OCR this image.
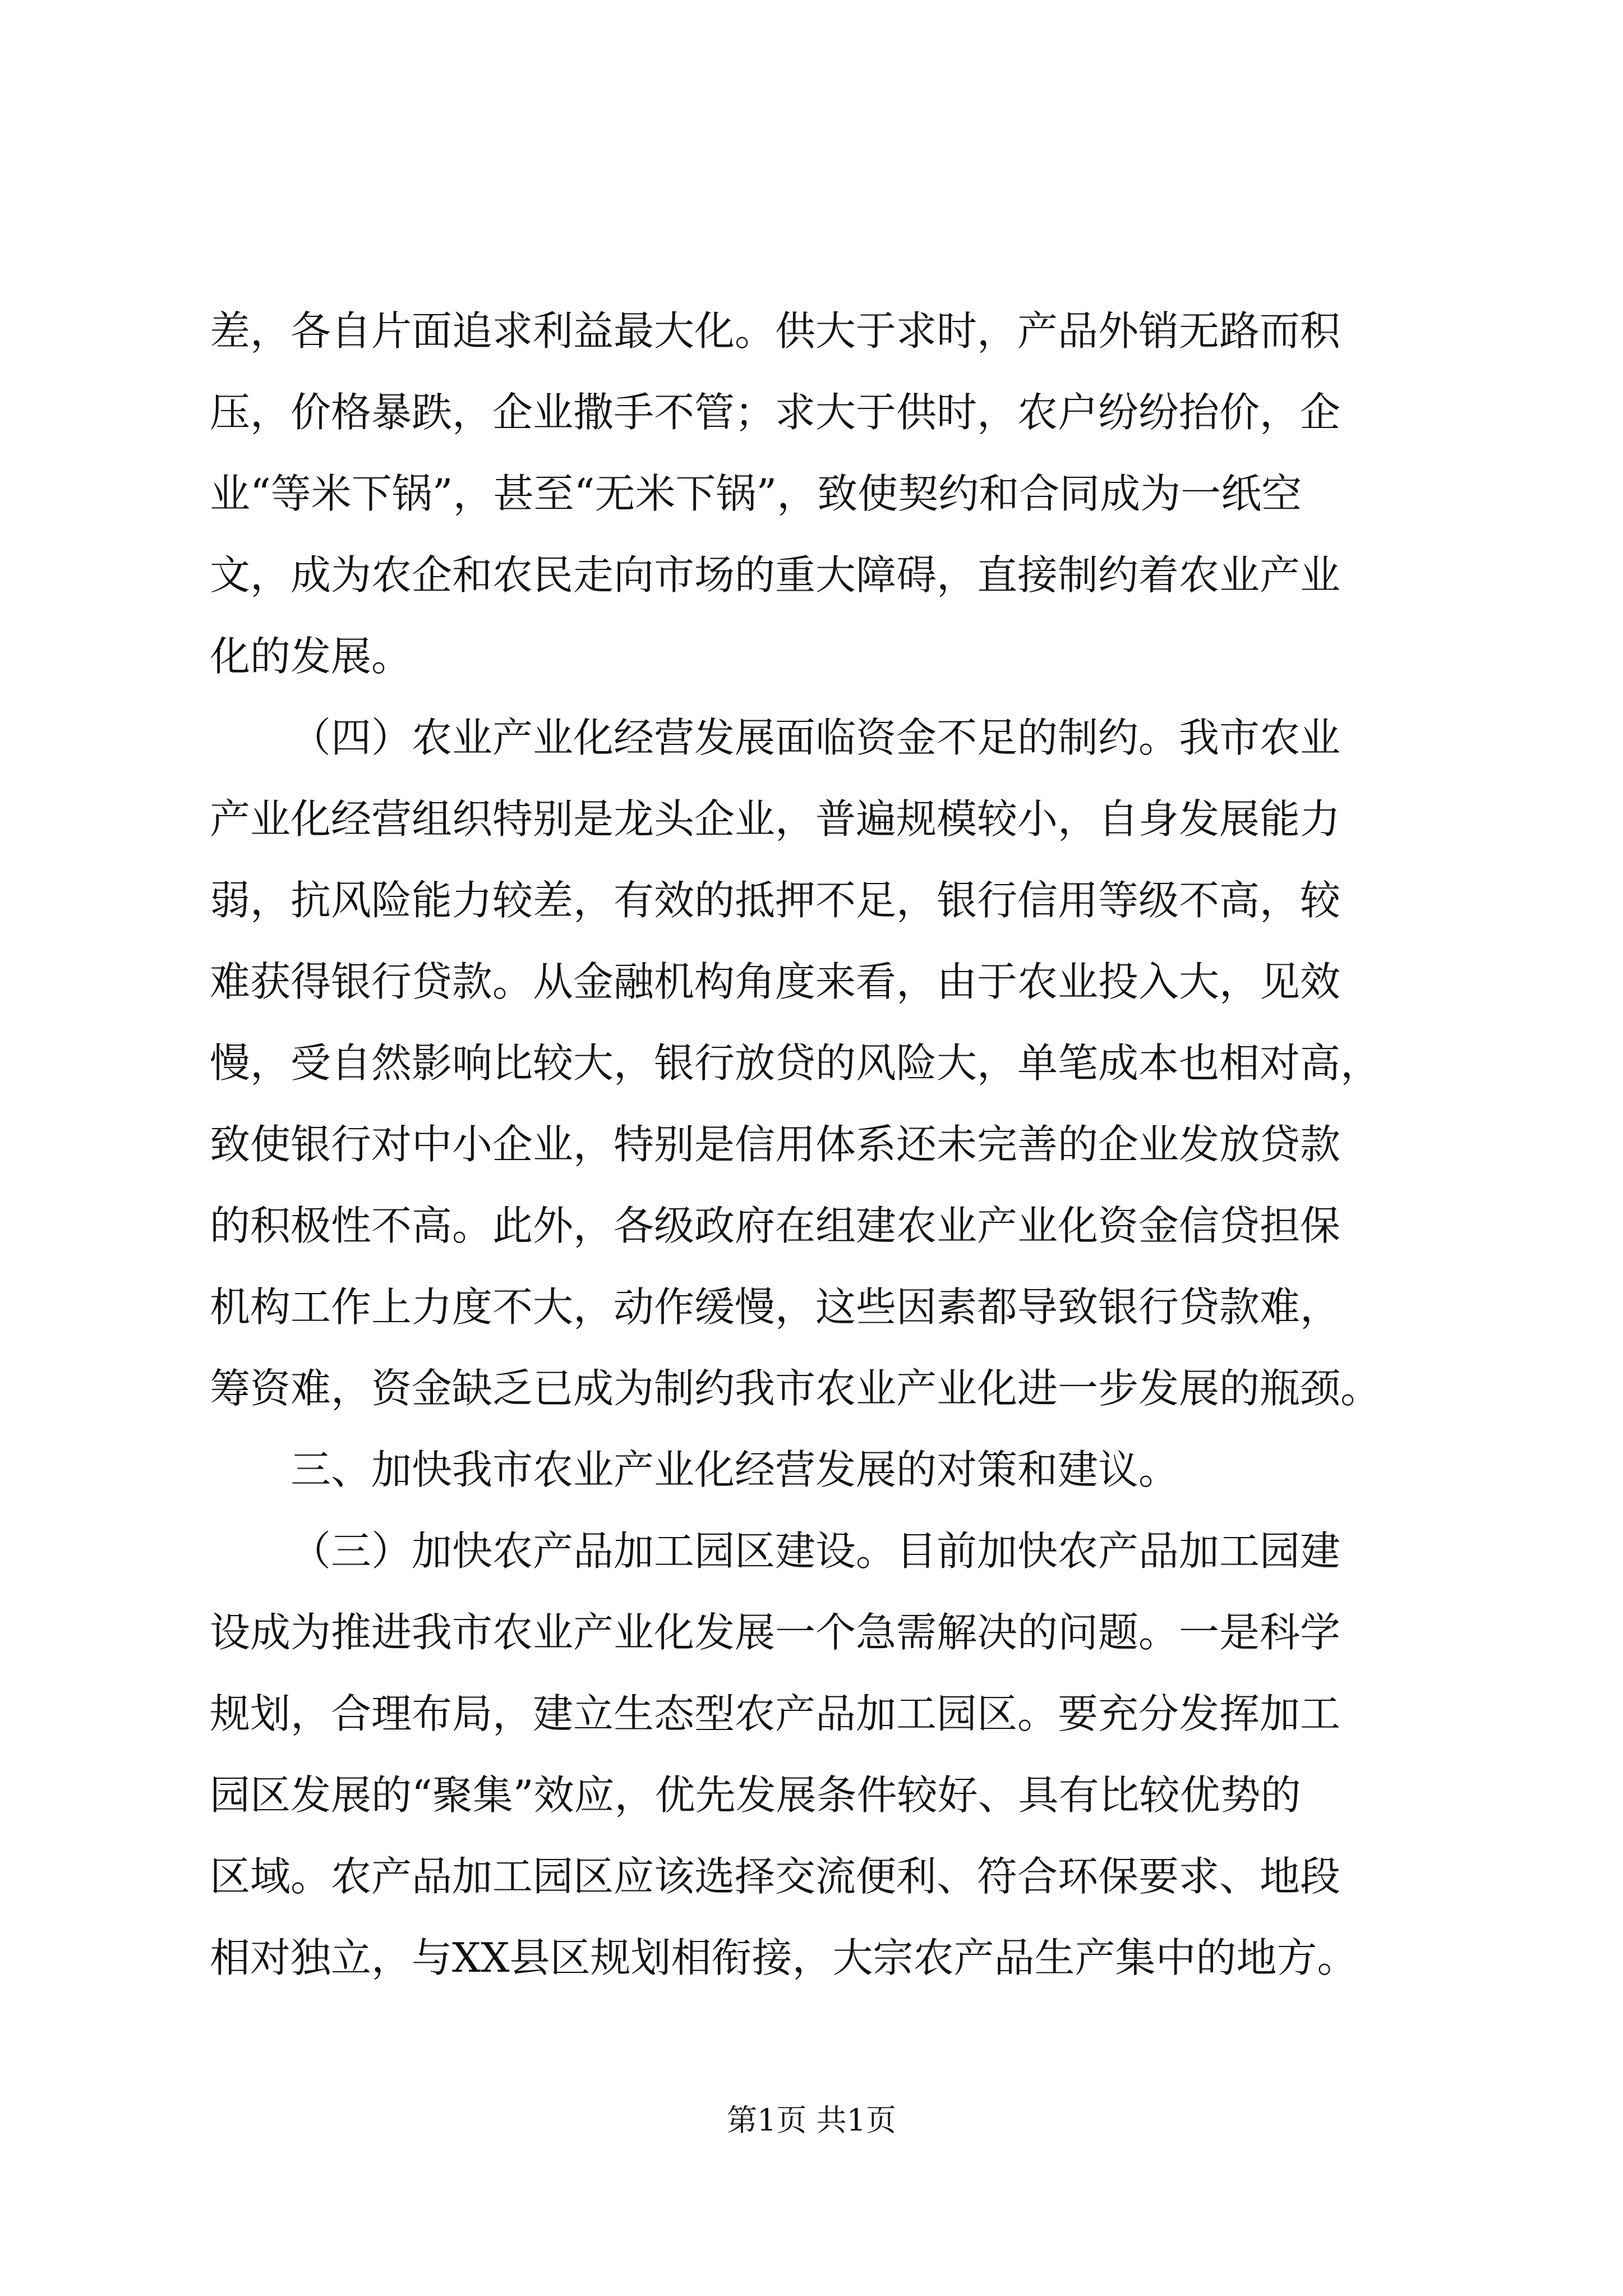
差，各自片面追求利益最大化。供大于求时，产品外销无路而积
压，价格暴跌，企业撒手不管；求大于供时，农户纷纷抬价，企
业“等米下锅”，甚至“无米下锅”，致使契约和合同成为一纸空
文，成为农企和农民走向市场的重大障碍，直接制约着农业产业
化的发展。
（四）农业产业化经营发展面临资金不足的制约。我市农业
产业化经营组织特别是龙头企业，普遍规模较小，自身发展能力
弱，抗风险能力较差，有效的抵押不足，银行信用等级不高，较
难获得银行贷款。从金融机构角度来看，由于农业投入大，见效
慢，受自然影响比较大，银行放贷的风险大，单笔成本也相对高，
致使银行对中小企业，特别是信用体系还未完善的企业发放贷款
的积极性不高。此外，各级政府在组建农业产业化资金信贷担保
机构工作上力度不大，动作缓慢，这些因素都导致银行贷款难，
筹资难，资金缺乏已成为制约我市农业产业化进一步发展的瓶颈。
三、加快我市农业产业化经营发展的对策和建议。
（三）加快农产品加工园区建设。目前加快农产品加工园建
设成为推进我市农业产业化发展一个急需解决的问题。一是科学
规划，合理布局，建立生态型农产品加工园区。要充分发挥加工
园区发展的“聚集”效应，优先发展条件较好、具有比较优势的
区域。农产品加工园区应该选择交流便利、符合环保要求、地段
相对独立，与XX县区规划相衔接，大宗农产品生产集中的地方。
第1页 共1页
